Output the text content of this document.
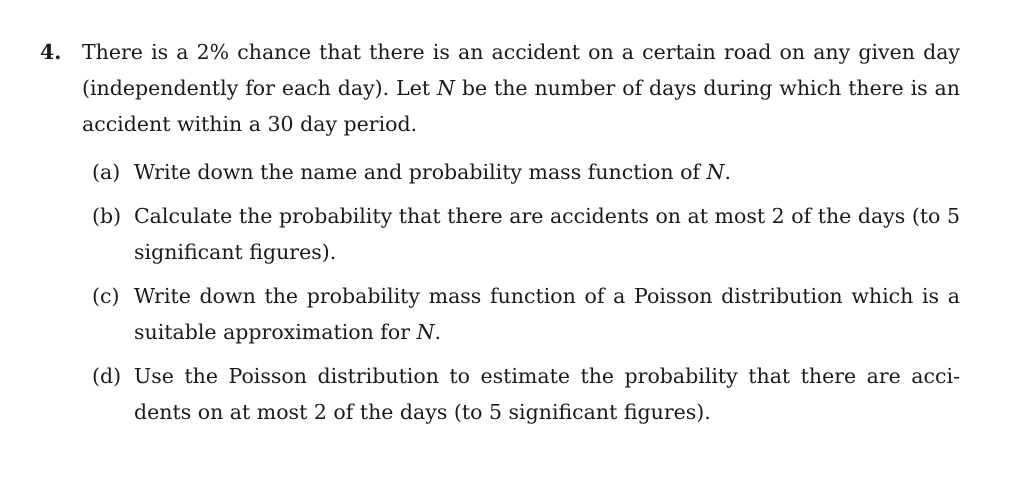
4. There is a 2% chance that there is an accident on a certain road on any given day (independently for each day). Let N be the number of days during which there is an accident within a 30 day period.
(a) Write down the name and probability mass function of N.
(b) Calculate the probability that there are accidents on at most 2 of the days (to 5 significant figures).
(c) Write down the probability mass function of a Poisson distribution which is a suitable approximation for N.
(d) Use the Poisson distribution to estimate the probability that there are accidents on at most 2 of the days (to 5 significant figures).
